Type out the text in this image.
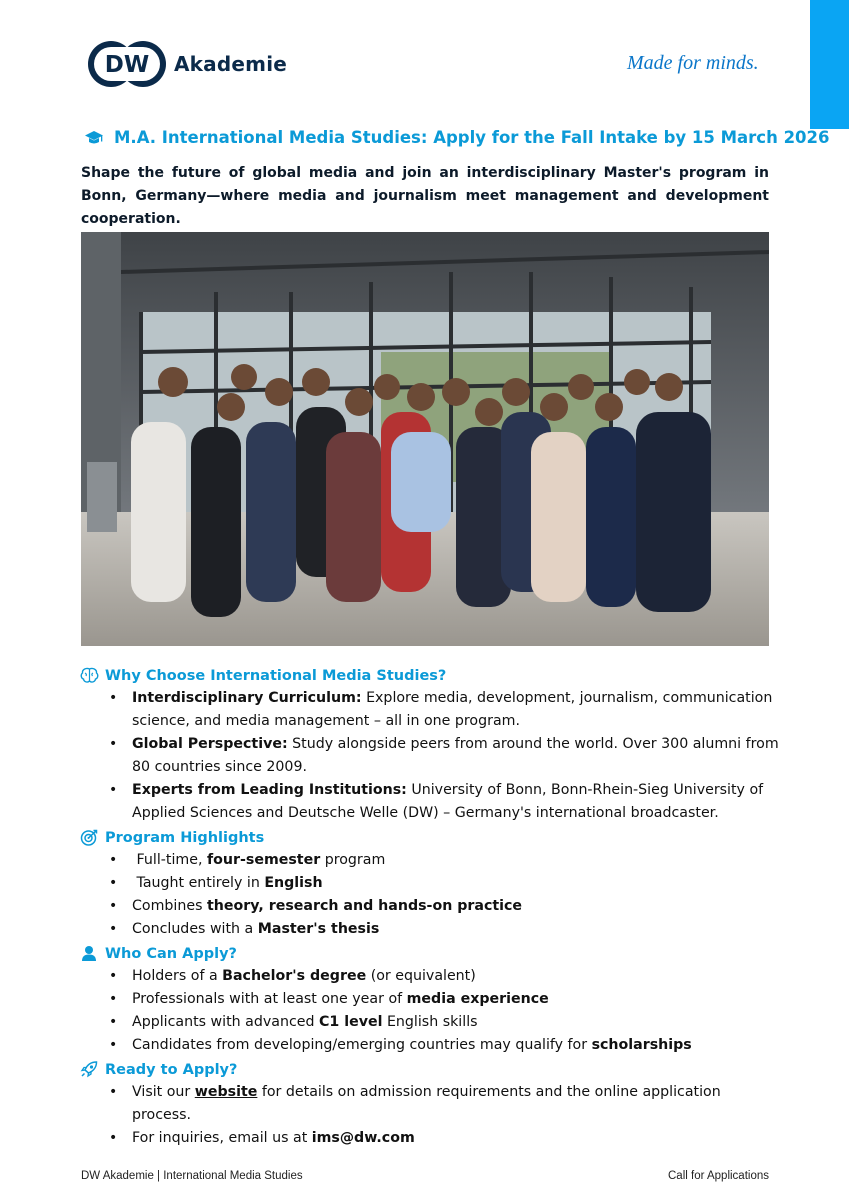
DW Akademie	Made for minds.
M.A. International Media Studies: Apply for the Fall Intake by 15 March 2026
Shape the future of global media and join an interdisciplinary Master's program in Bonn, Germany—where media and journalism meet management and development cooperation.
Why Choose International Media Studies?
• Interdisciplinary Curriculum: Explore media, development, journalism, communication science, and media management – all in one program.
• Global Perspective: Study alongside peers from around the world. Over 300 alumni from 80 countries since 2009.
• Experts from Leading Institutions: University of Bonn, Bonn-Rhein-Sieg University of Applied Sciences and Deutsche Welle (DW) – Germany's international broadcaster.
Program Highlights
•  Full-time, four-semester program
•  Taught entirely in English
• Combines theory, research and hands-on practice
• Concludes with a Master's thesis
Who Can Apply?
• Holders of a Bachelor's degree (or equivalent)
• Professionals with at least one year of media experience
• Applicants with advanced C1 level English skills
• Candidates from developing/emerging countries may qualify for scholarships
Ready to Apply?
• Visit our website for details on admission requirements and the online application process.
• For inquiries, email us at ims@dw.com
DW Akademie | International Media Studies	Call for Applications
